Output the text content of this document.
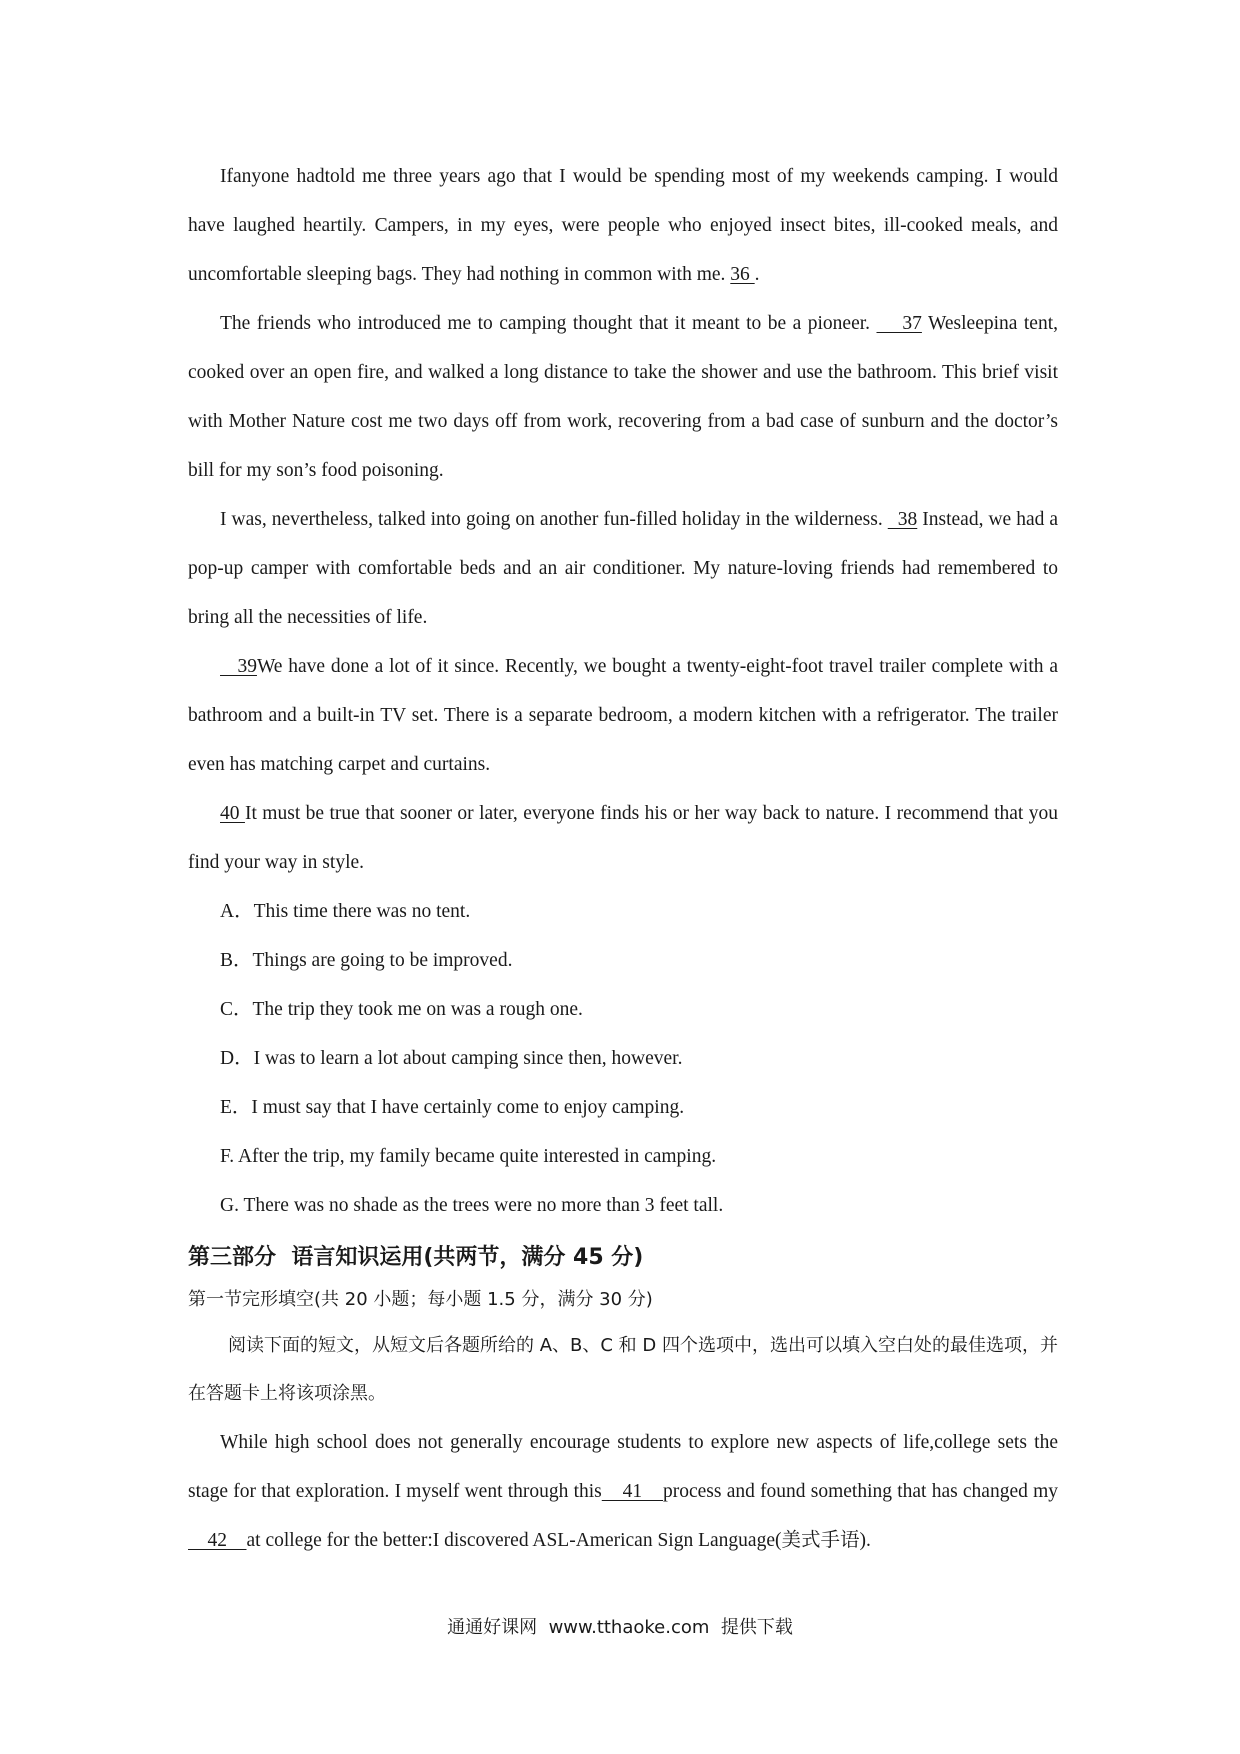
Ifanyone hadtold me three years ago that I would be spending most of my weekends camping. I would have laughed heartily. Campers, in my eyes, were people who enjoyed insect bites, ill-cooked meals, and uncomfortable sleeping bags. They had nothing in common with me. 36 .

The friends who introduced me to camping thought that it meant to be a pioneer.     37 Wesleepina tent, cooked over an open fire, and walked a long distance to take the shower and use the bathroom. This brief visit with Mother Nature cost me two days off from work, recovering from a bad case of sunburn and the doctor’s bill for my son’s food poisoning.

I was, nevertheless, talked into going on another fun-filled holiday in the wilderness.   38 Instead, we had a pop-up camper with comfortable beds and an air conditioner. My nature-loving friends had remembered to bring all the necessities of life.

39We have done a lot of it since. Recently, we bought a twenty-eight-foot travel trailer complete with a bathroom and a built-in TV set. There is a separate bedroom, a modern kitchen with a refrigerator. The trailer even has matching carpet and curtains.

40 It must be true that sooner or later, everyone finds his or her way back to nature. I recommend that you find your way in style.

A．This time there was no tent.

B．Things are going to be improved.

C．The trip they took me on was a rough one.

D．I was to learn a lot about camping since then, however.

E．I must say that I have certainly come to enjoy camping.

F. After the trip, my family became quite interested in camping.

G. There was no shade as the trees were no more than 3 feet tall.

第三部分  语言知识运用(共两节，满分 45 分)

第一节完形填空(共 20 小题；每小题 1.5 分，满分 30 分)

阅读下面的短文，从短文后各题所给的 A、B、C 和 D 四个选项中，选出可以填入空白处的最佳选项，并在答题卡上将该项涂黑。

While high school does not generally encourage students to explore new aspects of life,college sets the stage for that exploration. I myself went through this    41    process and found something that has changed my    42    at college for the better:I discovered ASL-American Sign Language(美式手语).

通通好课网  www.tthaoke.com  提供下载
